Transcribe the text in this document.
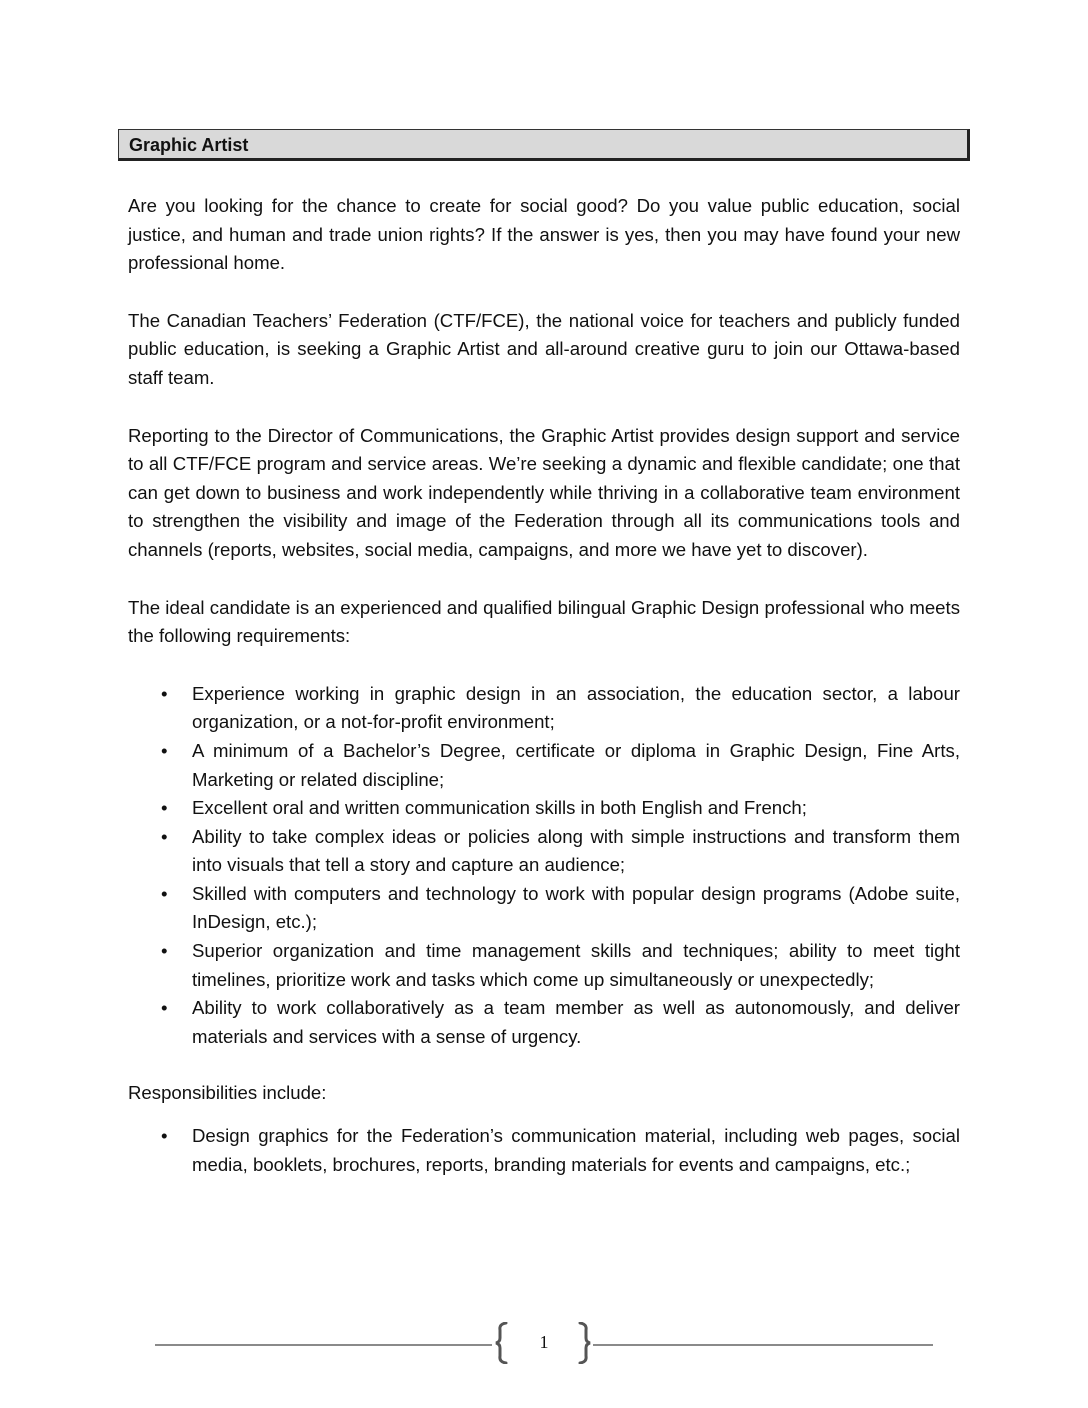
Graphic Artist

Are you looking for the chance to create for social good? Do you value public education, social justice, and human and trade union rights? If the answer is yes, then you may have found your new professional home.

The Canadian Teachers’ Federation (CTF/FCE), the national voice for teachers and publicly funded public education, is seeking a Graphic Artist and all-around creative guru to join our Ottawa-based staff team.

Reporting to the Director of Communications, the Graphic Artist provides design support and service to all CTF/FCE program and service areas. We’re seeking a dynamic and flexible candidate; one that can get down to business and work independently while thriving in a collaborative team environment to strengthen the visibility and image of the Federation through all its communications tools and channels (reports, websites, social media, campaigns, and more we have yet to discover).

The ideal candidate is an experienced and qualified bilingual Graphic Design professional who meets the following requirements:

• Experience working in graphic design in an association, the education sector, a labour organization, or a not-for-profit environment;
• A minimum of a Bachelor’s Degree, certificate or diploma in Graphic Design, Fine Arts, Marketing or related discipline;
• Excellent oral and written communication skills in both English and French;
• Ability to take complex ideas or policies along with simple instructions and transform them into visuals that tell a story and capture an audience;
• Skilled with computers and technology to work with popular design programs (Adobe suite, InDesign, etc.);
• Superior organization and time management skills and techniques; ability to meet tight timelines, prioritize work and tasks which come up simultaneously or unexpectedly;
• Ability to work collaboratively as a team member as well as autonomously, and deliver materials and services with a sense of urgency.

Responsibilities include:

• Design graphics for the Federation’s communication material, including web pages, social media, booklets, brochures, reports, branding materials for events and campaigns, etc.;
1
